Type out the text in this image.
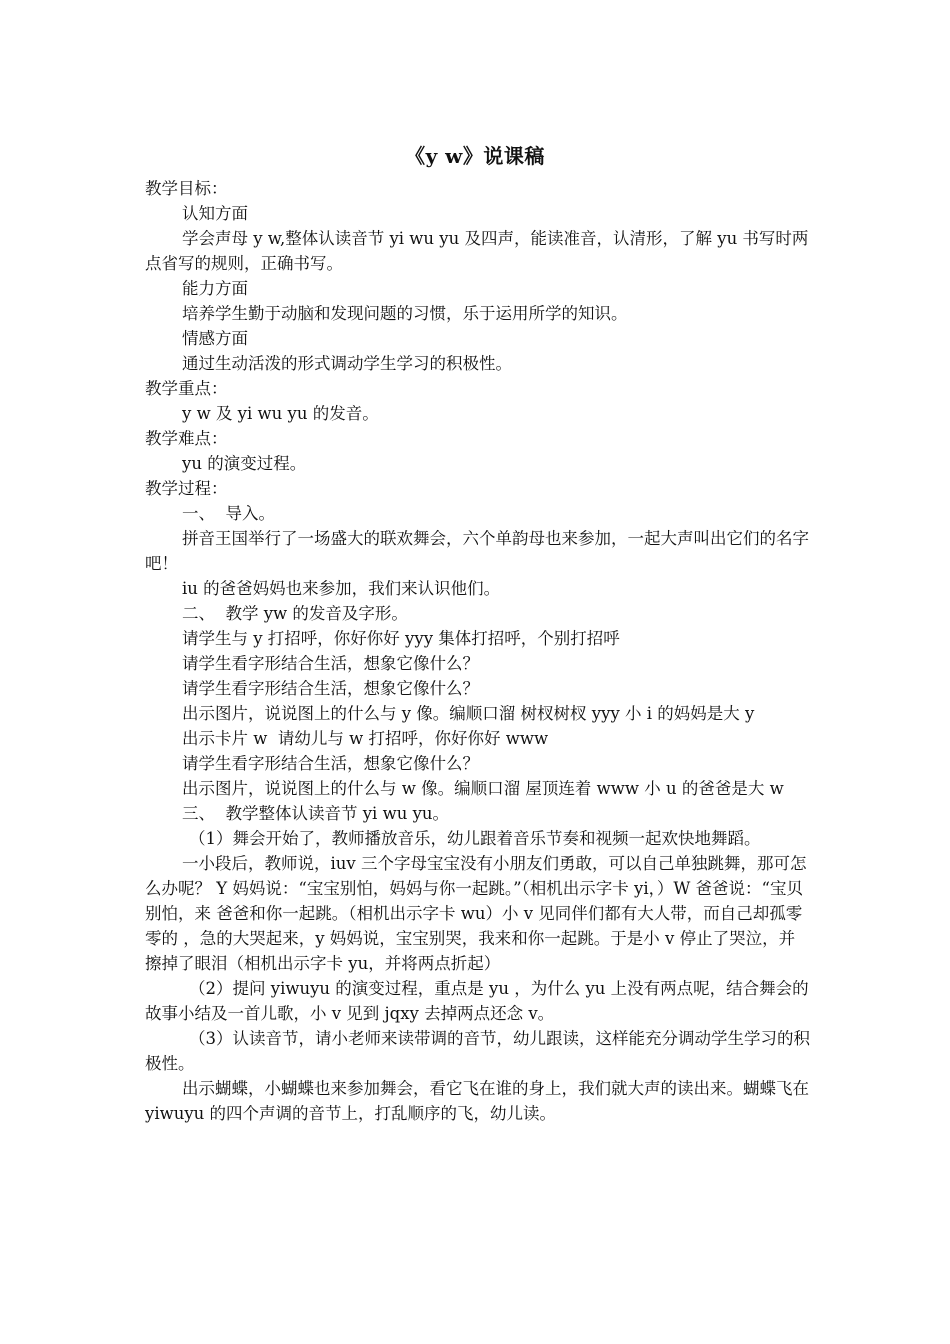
《y w》说课稿
教学目标：
认知方面
学会声母 y w,整体认读音节 yi wu yu 及四声，能读准音，认清形，了解 yu 书写时两点省写的规则，正确书写。
能力方面
培养学生勤于动脑和发现问题的习惯，乐于运用所学的知识。
情感方面
通过生动活泼的形式调动学生学习的积极性。
教学重点：
y w 及 yi wu yu 的发音。
教学难点：
yu 的演变过程。
教学过程：
一、  导入。
拼音王国举行了一场盛大的联欢舞会，六个单韵母也来参加，一起大声叫出它们的名字吧！
iu 的爸爸妈妈也来参加，我们来认识他们。
二、  教学 yw 的发音及字形。
请学生与 y 打招呼，你好你好 yyy 集体打招呼，个别打招呼
请学生看字形结合生活，想象它像什么？
请学生看字形结合生活，想象它像什么？
出示图片，说说图上的什么与 y 像。编顺口溜 树杈树杈 yyy 小 i 的妈妈是大 y
出示卡片 w  请幼儿与 w 打招呼，你好你好 www
请学生看字形结合生活，想象它像什么？
出示图片，说说图上的什么与 w 像。编顺口溜 屋顶连着 www 小 u 的爸爸是大 w
三、  教学整体认读音节 yi wu yu。
（1）舞会开始了，教师播放音乐，幼儿跟着音乐节奏和视频一起欢快地舞蹈。
一小段后，教师说，iuv 三个字母宝宝没有小朋友们勇敢，可以自己单独跳舞，那可怎么办呢？ Y 妈妈说：“宝宝别怕，妈妈与你一起跳。”（相机出示字卡 yi，）W 爸爸说：“宝贝别怕，来 爸爸和你一起跳。（相机出示字卡 wu）小 v 见同伴们都有大人带，而自己却孤零零的 ，急的大哭起来，y 妈妈说，宝宝别哭，我来和你一起跳。于是小 v 停止了哭泣，并擦掉了眼泪（相机出示字卡 yu，并将两点折起）
（2）提问 yiwuyu 的演变过程，重点是 yu ，为什么 yu 上没有两点呢，结合舞会的故事小结及一首儿歌，小 v 见到 jqxy 去掉两点还念 v。
（3）认读音节，请小老师来读带调的音节，幼儿跟读，这样能充分调动学生学习的积极性。
出示蝴蝶，小蝴蝶也来参加舞会，看它飞在谁的身上，我们就大声的读出来。蝴蝶飞在 yiwuyu 的四个声调的音节上，打乱顺序的飞，幼儿读。
